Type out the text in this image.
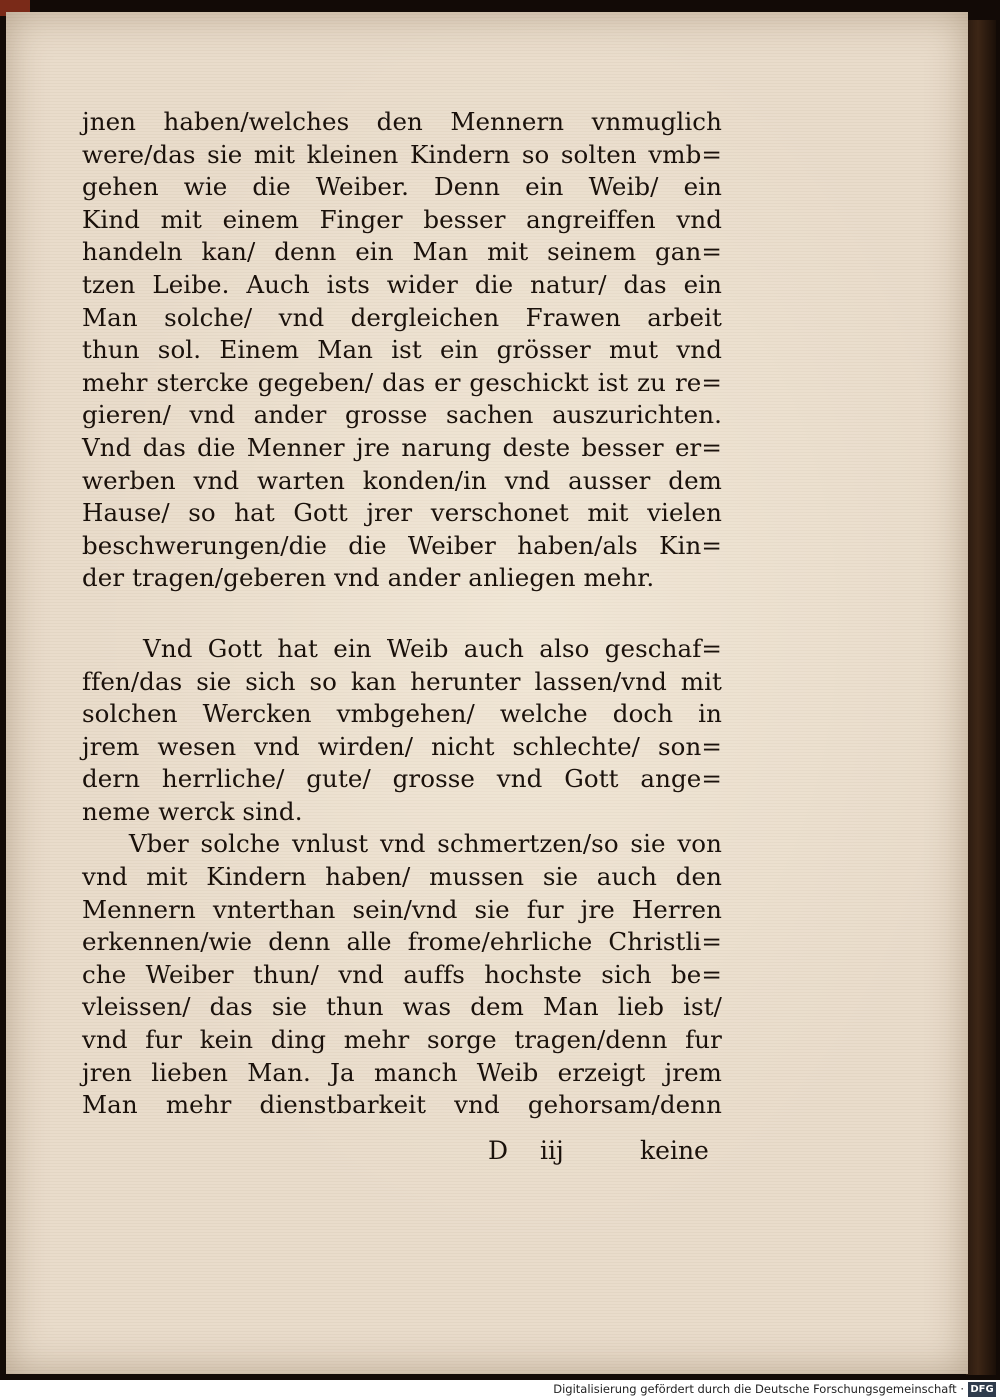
jnen haben/welches den Mennern vnmuglich
were/das sie mit kleinen Kindern so solten vmb=
gehen wie die Weiber. Denn ein Weib/ ein
Kind mit einem Finger besser angreiffen vnd
handeln kan/ denn ein Man mit seinem gan=
tzen Leibe. Auch ists wider die natur/ das ein
Man solche/ vnd dergleichen Frawen arbeit
thun sol. Einem Man ist ein grösser mut vnd
mehr stercke gegeben/ das er geschickt ist zu re=
gieren/ vnd ander grosse sachen auszurichten.
Vnd das die Menner jre narung deste besser er=
werben vnd warten konden/in vnd ausser dem
Hause/ so hat Gott jrer verschonet mit vielen
beschwerungen/die die Weiber haben/als Kin=
der tragen/geberen vnd ander anliegen mehr.
Vnd Gott hat ein Weib auch also geschaf=
ffen/das sie sich so kan herunter lassen/vnd mit
solchen Wercken vmbgehen/ welche doch in
jrem wesen vnd wirden/ nicht schlechte/ son=
dern herrliche/ gute/ grosse vnd Gott ange=
neme werck sind.
Vber solche vnlust vnd schmertzen/so sie von
vnd mit Kindern haben/ mussen sie auch den
Mennern vnterthan sein/vnd sie fur jre Herren
erkennen/wie denn alle frome/ehrliche Christli=
che Weiber thun/ vnd auffs hochste sich be=
vleissen/ das sie thun was dem Man lieb ist/
vnd fur kein ding mehr sorge tragen/denn fur
jren lieben Man. Ja manch Weib erzeigt jrem
Man mehr dienstbarkeit vnd gehorsam/denn
D iij	keine
Digitalisierung gefördert durch die Deutsche Forschungsgemeinschaft · DFG
